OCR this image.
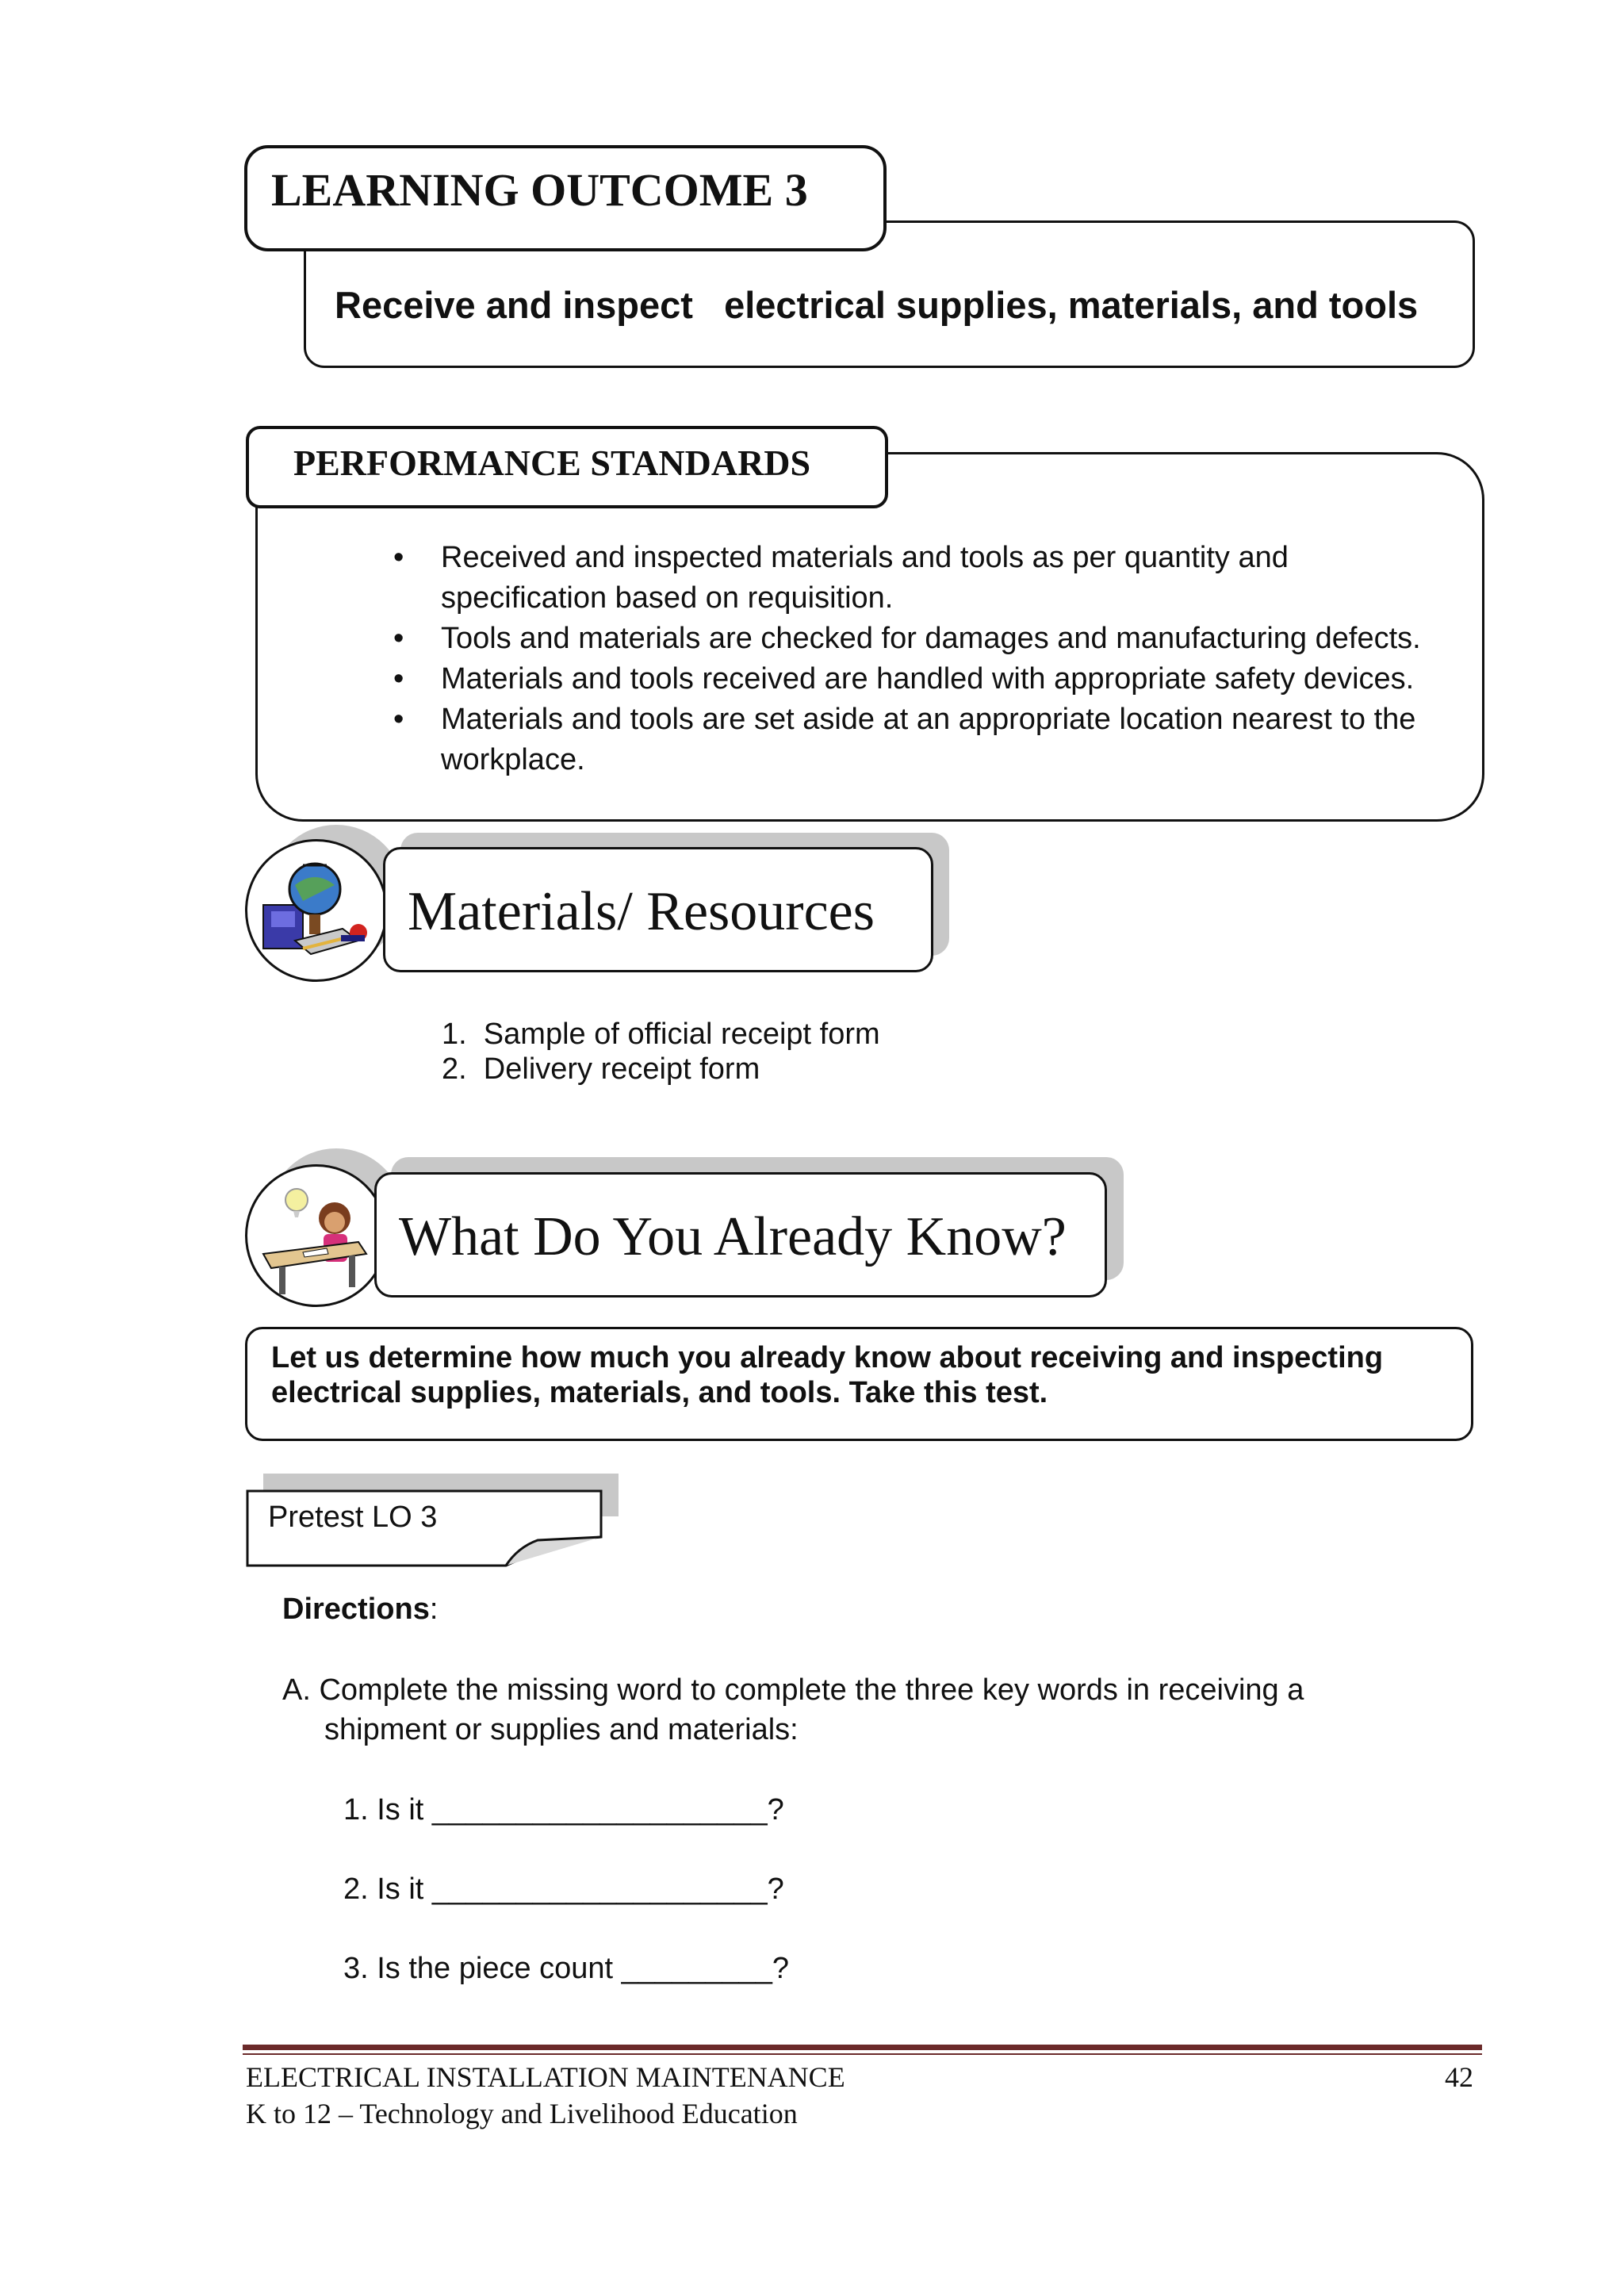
LEARNING OUTCOME 3
Receive and inspect   electrical supplies, materials, and tools
PERFORMANCE STANDARDS
• Received and inspected materials and tools as per quantity and
specification based on requisition.
• Tools and materials are checked for damages and manufacturing defects.
• Materials and tools received are handled with appropriate safety devices.
• Materials and tools are set aside at an appropriate location nearest to the
workplace.
Materials/ Resources
1.  Sample of official receipt form
2.  Delivery receipt form
What Do You Already Know?
Let us determine how much you already know about receiving and inspecting
electrical supplies, materials, and tools. Take this test.
Pretest LO 3
Directions:
A. Complete the missing word to complete the three key words in receiving a
shipment or supplies and materials:
1. Is it ____________________?
2. Is it ____________________?
3. Is the piece count _________?
ELECTRICAL INSTALLATION MAINTENANCE
K to 12 – Technology and Livelihood Education
42
